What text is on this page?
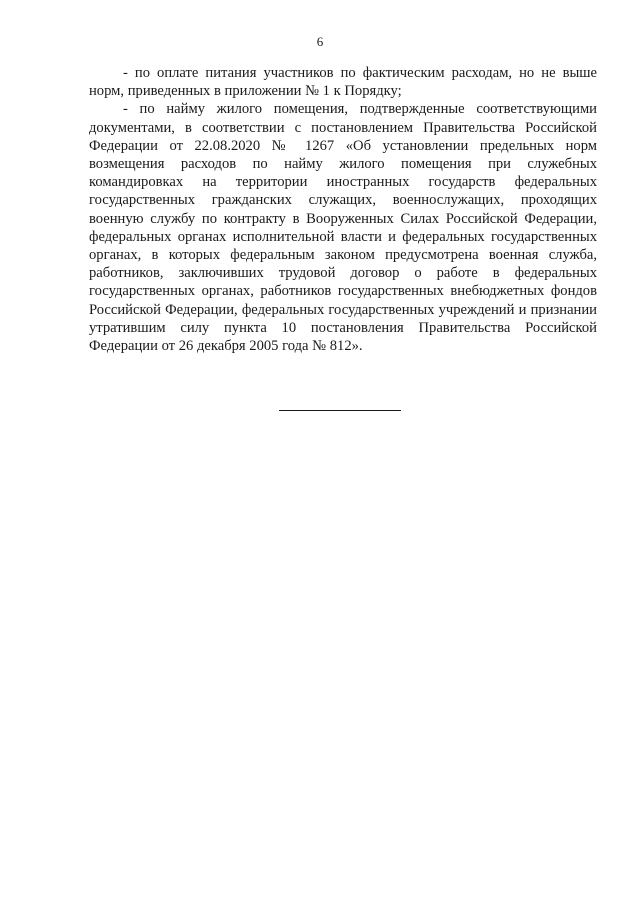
6

- по оплате питания участников по фактическим расходам, но не выше норм, приведенных в приложении № 1 к Порядку;

- по найму жилого помещения, подтвержденные соответствующими документами, в соответствии с постановлением Правительства Российской Федерации от 22.08.2020 № 1267 «Об установлении предельных норм возмещения расходов по найму жилого помещения при служебных командировках на территории иностранных государств федеральных государственных гражданских служащих, военнослужащих, проходящих военную службу по контракту в Вооруженных Силах Российской Федерации, федеральных органах исполнительной власти и федеральных государственных органах, в которых федеральным законом предусмотрена военная служба, работников, заключивших трудовой договор о работе в федеральных государственных органах, работников государственных внебюджетных фондов Российской Федерации, федеральных государственных учреждений и признании утратившим силу пункта 10 постановления Правительства Российской Федерации от 26 декабря 2005 года № 812».
